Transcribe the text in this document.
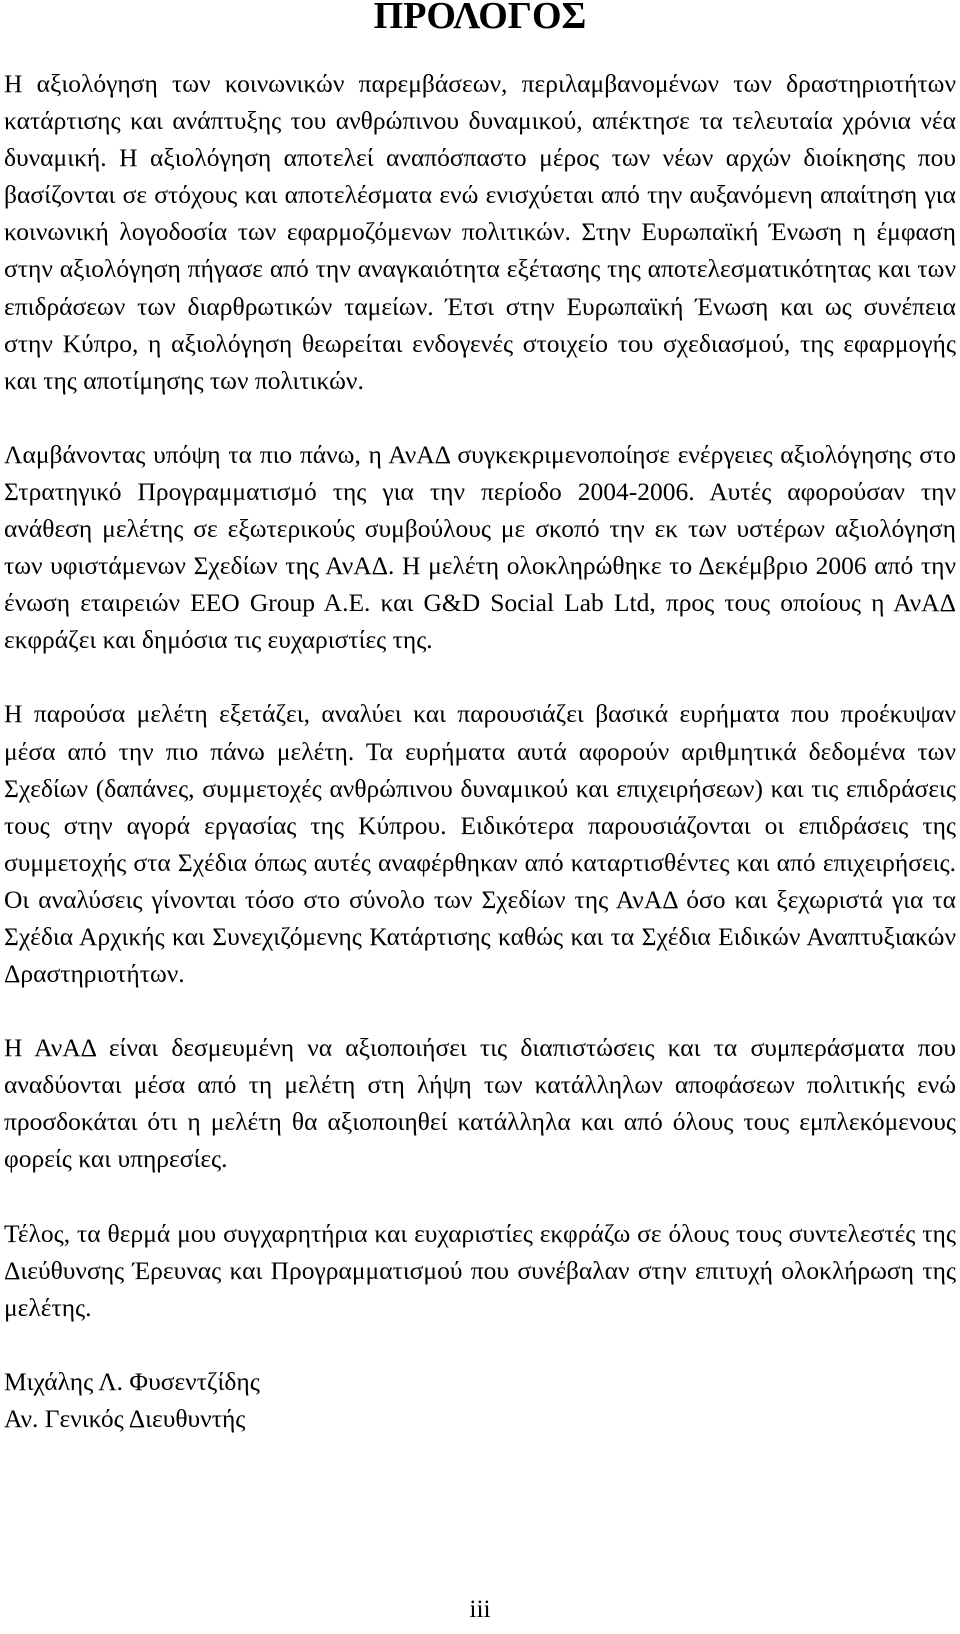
ΠΡΟΛΟΓΟΣ

Η αξιολόγηση των κοινωνικών παρεμβάσεων, περιλαμβανομένων των δραστηριοτήτων κατάρτισης και ανάπτυξης του ανθρώπινου δυναμικού, απέκτησε τα τελευταία χρόνια νέα δυναμική. Η αξιολόγηση αποτελεί αναπόσπαστο μέρος των νέων αρχών διοίκησης που βασίζονται σε στόχους και αποτελέσματα ενώ ενισχύεται από την αυξανόμενη απαίτηση για κοινωνική λογοδοσία των εφαρμοζόμενων πολιτικών. Στην Ευρωπαϊκή Ένωση η έμφαση στην αξιολόγηση πήγασε από την αναγκαιότητα εξέτασης της αποτελεσματικότητας και των επιδράσεων των διαρθρωτικών ταμείων. Έτσι στην Ευρωπαϊκή Ένωση και ως συνέπεια στην Κύπρο, η αξιολόγηση θεωρείται ενδογενές στοιχείο του σχεδιασμού, της εφαρμογής και της αποτίμησης των πολιτικών.

Λαμβάνοντας υπόψη τα πιο πάνω, η ΑνΑΔ συγκεκριμενοποίησε ενέργειες αξιολόγησης στο Στρατηγικό Προγραμματισμό της για την περίοδο 2004-2006. Αυτές αφορούσαν την ανάθεση μελέτης σε εξωτερικούς συμβούλους με σκοπό την εκ των υστέρων αξιολόγηση των υφιστάμενων Σχεδίων της ΑνΑΔ. Η μελέτη ολοκληρώθηκε το Δεκέμβριο 2006 από την ένωση εταιρειών EEO Group A.E. και G&D Social Lab Ltd, προς τους οποίους η ΑνΑΔ εκφράζει και δημόσια τις ευχαριστίες της.

Η παρούσα μελέτη εξετάζει, αναλύει και παρουσιάζει βασικά ευρήματα που προέκυψαν μέσα από την πιο πάνω μελέτη. Τα ευρήματα αυτά αφορούν αριθμητικά δεδομένα των Σχεδίων (δαπάνες, συμμετοχές ανθρώπινου δυναμικού και επιχειρήσεων) και τις επιδράσεις τους στην αγορά εργασίας της Κύπρου. Ειδικότερα παρουσιάζονται οι επιδράσεις της συμμετοχής στα Σχέδια όπως αυτές αναφέρθηκαν από καταρτισθέντες και από επιχειρήσεις. Οι αναλύσεις γίνονται τόσο στο σύνολο των Σχεδίων της ΑνΑΔ όσο και ξεχωριστά για τα Σχέδια Αρχικής και Συνεχιζόμενης Κατάρτισης καθώς και τα Σχέδια Ειδικών Αναπτυξιακών Δραστηριοτήτων.

Η ΑνΑΔ είναι δεσμευμένη να αξιοποιήσει τις διαπιστώσεις και τα συμπεράσματα που αναδύονται μέσα από τη μελέτη στη λήψη των κατάλληλων αποφάσεων πολιτικής ενώ προσδοκάται ότι η μελέτη θα αξιοποιηθεί κατάλληλα και από όλους τους εμπλεκόμενους φορείς και υπηρεσίες.

Τέλος, τα θερμά μου συγχαρητήρια και ευχαριστίες εκφράζω σε όλους τους συντελεστές της Διεύθυνσης Έρευνας και Προγραμματισμού που συνέβαλαν στην επιτυχή ολοκλήρωση της μελέτης.

Μιχάλης Λ. Φυσεντζίδης
Αν. Γενικός Διευθυντής
iii
